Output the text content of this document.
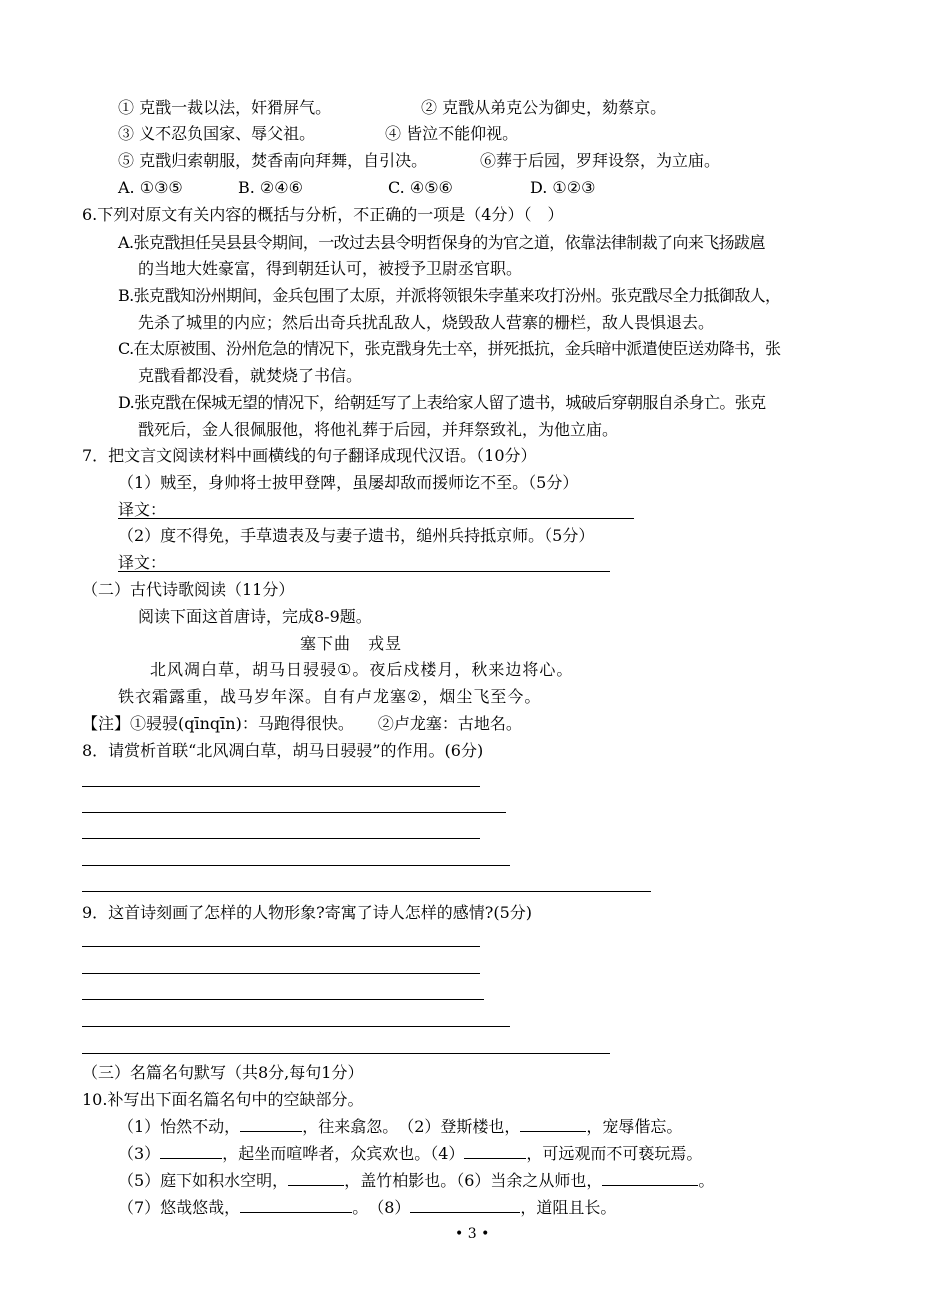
① 克戬一裁以法，奸猾屏气。	② 克戬从弟克公为御史，劾蔡京。
③ 义不忍负国家、辱父祖。	④ 皆泣不能仰视。
⑤ 克戬归索朝服，焚香南向拜舞，自引决。	⑥葬于后园，罗拜设祭，为立庙。
A. ①③⑤	B. ②④⑥	C. ④⑤⑥	D. ①②③
6.下列对原文有关内容的概括与分析，不正确的一项是（4分）（　）
A.张克戬担任吴县县令期间，一改过去县令明哲保身的为官之道，依靠法律制裁了向来飞扬跋扈
的当地大姓豪富，得到朝廷认可，被授予卫尉丞官职。
B.张克戬知汾州期间，金兵包围了太原，并派将领银朱孛堇来攻打汾州。张克戬尽全力抵御敌人，
先杀了城里的内应；然后出奇兵扰乱敌人，烧毁敌人营寨的栅栏，敌人畏惧退去。
C.在太原被围、汾州危急的情况下，张克戬身先士卒，拼死抵抗，金兵暗中派遣使臣送劝降书，张
克戬看都没看，就焚烧了书信。
D.张克戬在保城无望的情况下，给朝廷写了上表给家人留了遗书，城破后穿朝服自杀身亡。张克
戬死后，金人很佩服他，将他礼葬于后园，并拜祭致礼，为他立庙。
7．把文言文阅读材料中画横线的句子翻译成现代汉语。（10分）
（1）贼至，身帅将士披甲登陴，虽屡却敌而援师讫不至。（5分）
译文：
（2）度不得免，手草遗表及与妻子遗书，缒州兵持抵京师。（5分）
译文：
（二）古代诗歌阅读（11分）
阅读下面这首唐诗，完成8-9题。
塞下曲　戎昱
北风凋白草，胡马日骎骎①。夜后戍楼月，秋来边将心。
铁衣霜露重，战马岁年深。自有卢龙塞②，烟尘飞至今。
【注】①骎骎(qīnqīn)：马跑得很快。　　②卢龙塞：古地名。
8．请赏析首联“北风凋白草，胡马日骎骎”的作用。(6分)
9．这首诗刻画了怎样的人物形象?寄寓了诗人怎样的感情?(5分)
（三）名篇名句默写（共8分,每句1分）
10.补写出下面名篇名句中的空缺部分。
（1）怡然不动，	，往来翕忽。　（2）登斯楼也，	，宠辱偕忘。
（3）	，起坐而喧哗者，众宾欢也。（4）	，可远观而不可亵玩焉。
（5）庭下如积水空明，	，盖竹柏影也。（6）当余之从师也，	。
（7）悠哉悠哉，	。　（8）	，道阻且长。
• 3 •
